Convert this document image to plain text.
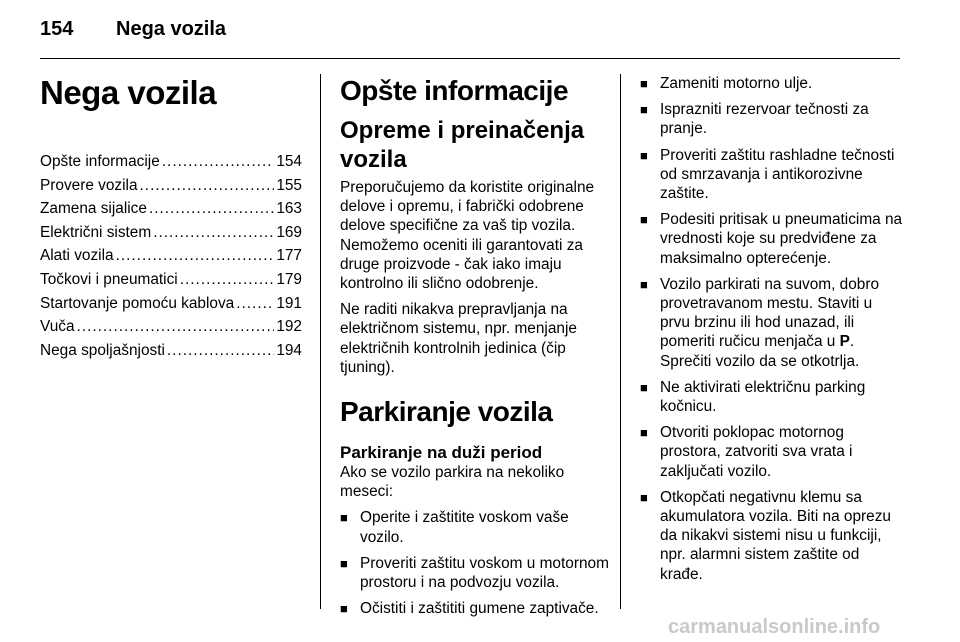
154 Nega vozila
Nega vozila
Opšte informacije .....	154
Provere vozila .....	155
Zamena sijalice .....	163
Električni sistem .....	169
Alati vozila .....	177
Točkovi i pneumatici .....	179
Startovanje pomoću kablova .....	191
Vuča .....	192
Nega spoljašnjosti .....	194
Opšte informacije
Opreme i preinačenja vozila

Preporučujemo da koristite originalne delove i opremu, i fabrički odobrene delove specifične za vaš tip vozila. Nemožemo oceniti ili garantovati za druge proizvode - čak iako imaju kontrolno ili slično odobrenje.

Ne raditi nikakva prepravljanja na električnom sistemu, npr. menjanje električnih kontrolnih jedinica (čip tjuning).

Parkiranje vozila
Parkiranje na duži period

Ako se vozilo parkira na nekoliko meseci:

■ Operite i zaštitite voskom vaše vozilo.
■ Proveriti zaštitu voskom u motornom prostoru i na podvozju vozila.
■ Očistiti i zaštititi gumene zaptivače.
■ Zameniti motorno ulje.
■ Isprazniti rezervoar tečnosti za pranje.
■ Proveriti zaštitu rashladne tečnosti od smrzavanja i antikorozivne zaštite.
■ Podesiti pritisak u pneumaticima na vrednosti koje su predviđene za maksimalno opterećenje.
■ Vozilo parkirati na suvom, dobro provetravanom mestu. Staviti u prvu brzinu ili hod unazad, ili pomeriti ručicu menjača u P. Sprečiti vozilo da se otkotrlja.
■ Ne aktivirati električnu parking kočnicu.
■ Otvoriti poklopac motornog prostora, zatvoriti sva vrata i zaključati vozilo.
■ Otkopčati negativnu klemu sa akumulatora vozila. Biti na oprezu da nikakvi sistemi nisu u funkciji, npr. alarmni sistem zaštite od krađe.
carmanualsonline.info
